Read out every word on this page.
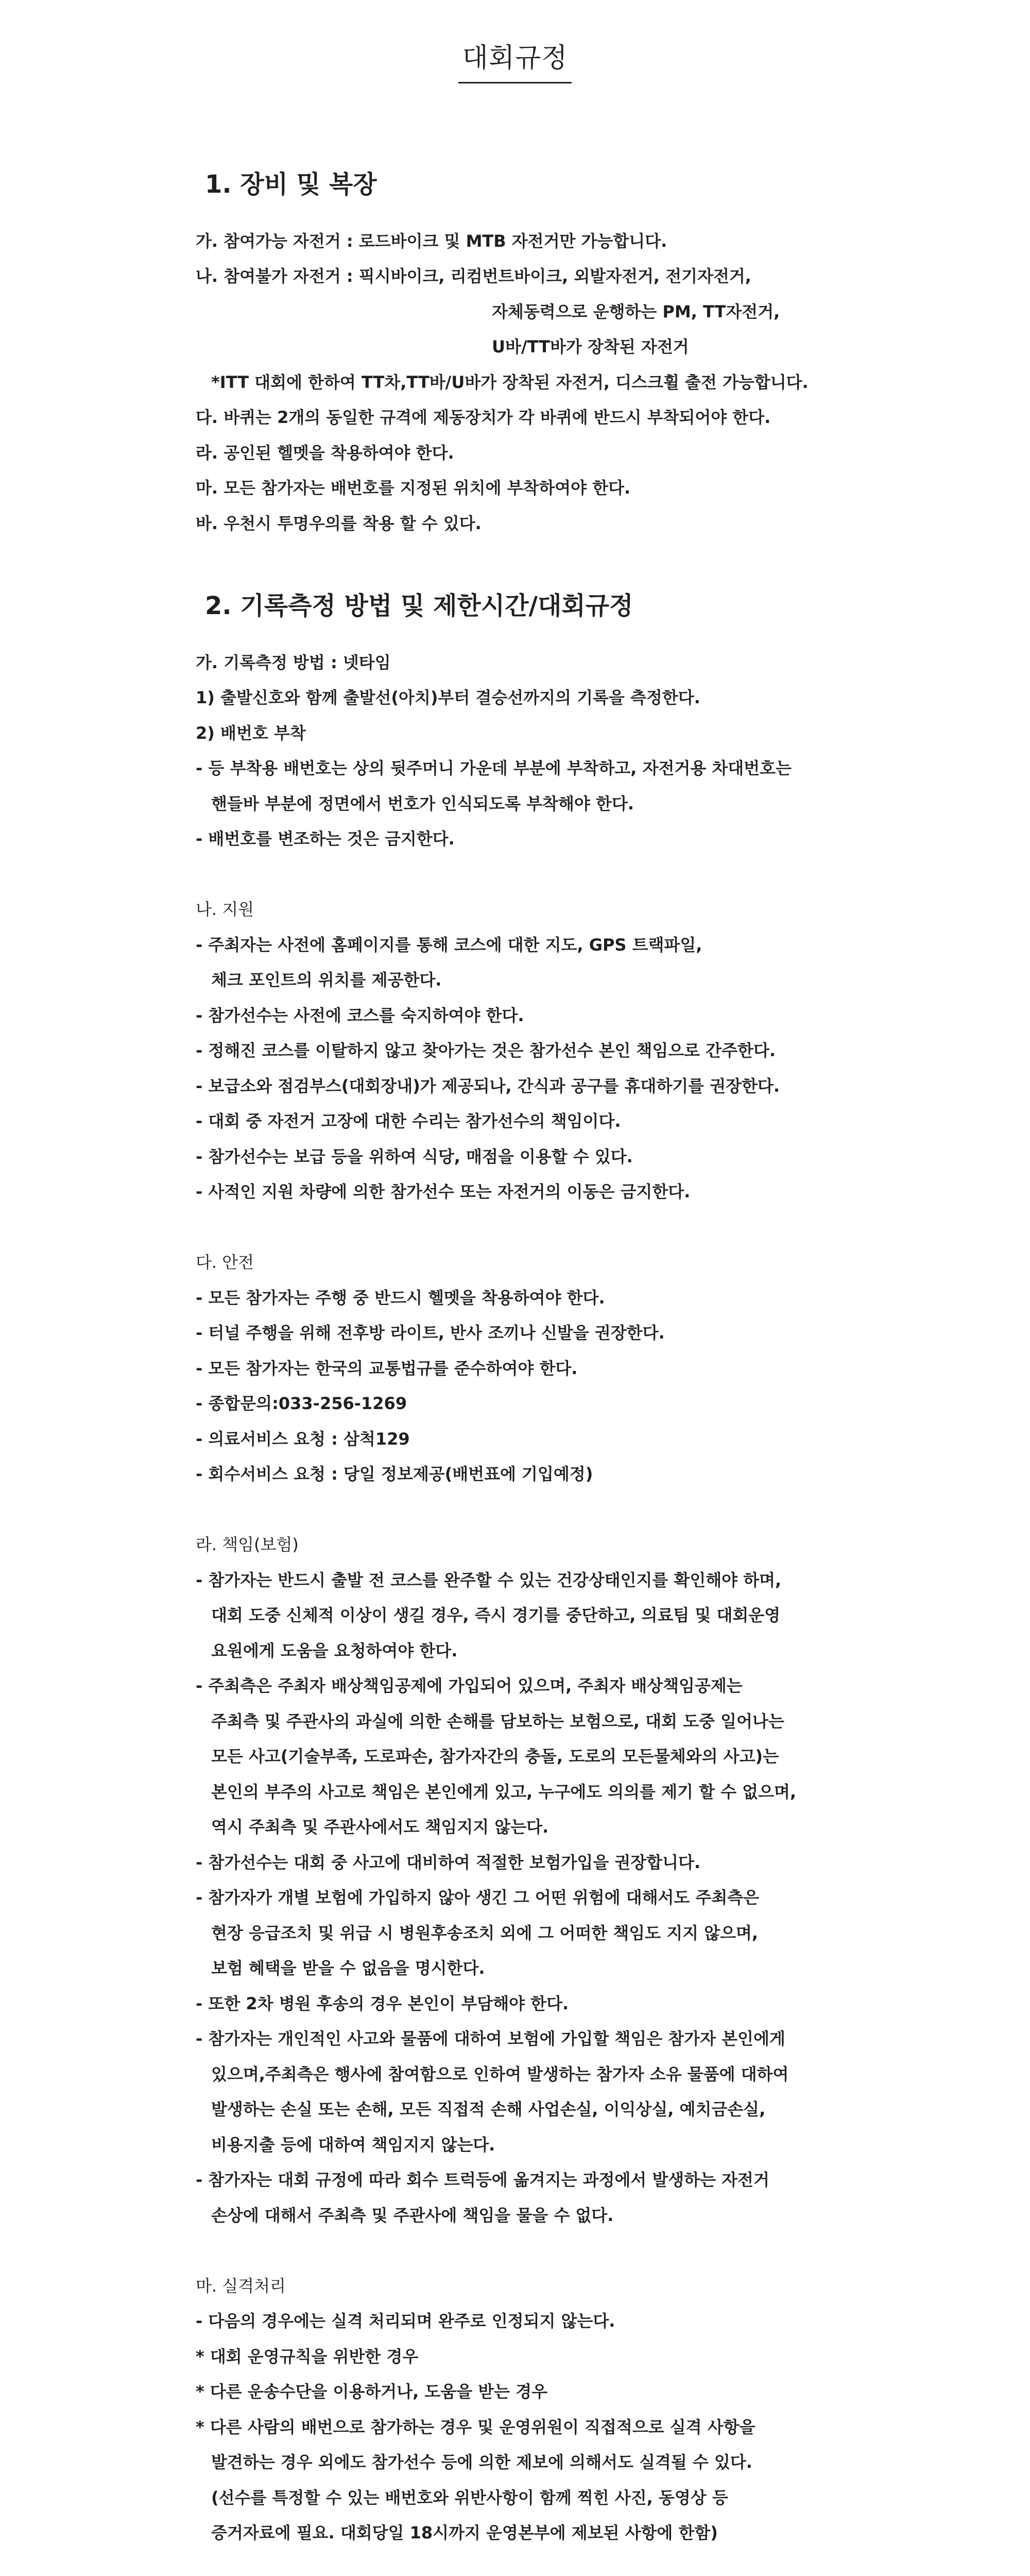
대회규정
1. 장비 및 복장
가. 참여가능 자전거 : 로드바이크 및 MTB 자전거만 가능합니다.
나. 참여불가 자전거 : 픽시바이크, 리컴번트바이크, 외발자전거, 전기자전거,
자체동력으로 운행하는 PM, TT자전거,
U바/TT바가 장착된 자전거
*ITT 대회에 한하여 TT차,TT바/U바가 장착된 자전거, 디스크휠 출전 가능합니다.
다. 바퀴는 2개의 동일한 규격에 제동장치가 각 바퀴에 반드시 부착되어야 한다.
라. 공인된 헬멧을 착용하여야 한다.
마. 모든 참가자는 배번호를 지정된 위치에 부착하여야 한다.
바. 우천시 투명우의를 착용 할 수 있다.
2. 기록측정 방법 및 제한시간/대회규정
가. 기록측정 방법 : 넷타임
1) 출발신호와 함께 출발선(아치)부터 결승선까지의 기록을 측정한다.
2) 배번호 부착
- 등 부착용 배번호는 상의 뒷주머니 가운데 부분에 부착하고, 자전거용 차대번호는
핸들바 부분에 정면에서 번호가 인식되도록 부착해야 한다.
- 배번호를 변조하는 것은 금지한다.
나. 지원
- 주최자는 사전에 홈페이지를 통해 코스에 대한 지도, GPS 트랙파일,
체크 포인트의 위치를 제공한다.
- 참가선수는 사전에 코스를 숙지하여야 한다.
- 정해진 코스를 이탈하지 않고 찾아가는 것은 참가선수 본인 책임으로 간주한다.
- 보급소와 점검부스(대회장내)가 제공되나, 간식과 공구를 휴대하기를 권장한다.
- 대회 중 자전거 고장에 대한 수리는 참가선수의 책임이다.
- 참가선수는 보급 등을 위하여 식당, 매점을 이용할 수 있다.
- 사적인 지원 차량에 의한 참가선수 또는 자전거의 이동은 금지한다.
다. 안전
- 모든 참가자는 주행 중 반드시 헬멧을 착용하여야 한다.
- 터널 주행을 위해 전후방 라이트, 반사 조끼나 신발을 권장한다.
- 모든 참가자는 한국의 교통법규를 준수하여야 한다.
- 종합문의:033-256-1269
- 의료서비스 요청 : 삼척129
- 회수서비스 요청 : 당일 정보제공(배번표에 기입예정)
라. 책임(보험)
- 참가자는 반드시 출발 전 코스를 완주할 수 있는 건강상태인지를 확인해야 하며,
대회 도중 신체적 이상이 생길 경우, 즉시 경기를 중단하고, 의료팀 및 대회운영
요원에게 도움을 요청하여야 한다.
- 주최측은 주최자 배상책임공제에 가입되어 있으며, 주최자 배상책임공제는
주최측 및 주관사의 과실에 의한 손해를 담보하는 보험으로, 대회 도중 일어나는
모든 사고(기술부족, 도로파손, 참가자간의 충돌, 도로의 모든물체와의 사고)는
본인의 부주의 사고로 책임은 본인에게 있고, 누구에도 의의를 제기 할 수 없으며,
역시 주최측 및 주관사에서도 책임지지 않는다.
- 참가선수는 대회 중 사고에 대비하여 적절한 보험가입을 권장합니다.
- 참가자가 개별 보험에 가입하지 않아 생긴 그 어떤 위험에 대해서도 주최측은
현장 응급조치 및 위급 시 병원후송조치 외에 그 어떠한 책임도 지지 않으며,
보험 혜택을 받을 수 없음을 명시한다.
- 또한 2차 병원 후송의 경우 본인이 부담해야 한다.
- 참가자는 개인적인 사고와 물품에 대하여 보험에 가입할 책임은 참가자 본인에게
있으며,주최측은 행사에 참여함으로 인하여 발생하는 참가자 소유 물품에 대하여
발생하는 손실 또는 손해, 모든 직접적 손해 사업손실, 이익상실, 예치금손실,
비용지출 등에 대하여 책임지지 않는다.
- 참가자는 대회 규정에 따라 회수 트럭등에 옮겨지는 과정에서 발생하는 자전거
손상에 대해서 주최측 및 주관사에 책임을 물을 수 없다.
마. 실격처리
- 다음의 경우에는 실격 처리되며 완주로 인정되지 않는다.
* 대회 운영규칙을 위반한 경우
* 다른 운송수단을 이용하거나, 도움을 받는 경우
* 다른 사람의 배번으로 참가하는 경우 및 운영위원이 직접적으로 실격 사항을
발견하는 경우 외에도 참가선수 등에 의한 제보에 의해서도 실격될 수 있다.
(선수를 특정할 수 있는 배번호와 위반사항이 함께 찍힌 사진, 동영상 등
증거자료에 필요. 대회당일 18시까지 운영본부에 제보된 사항에 한함)
